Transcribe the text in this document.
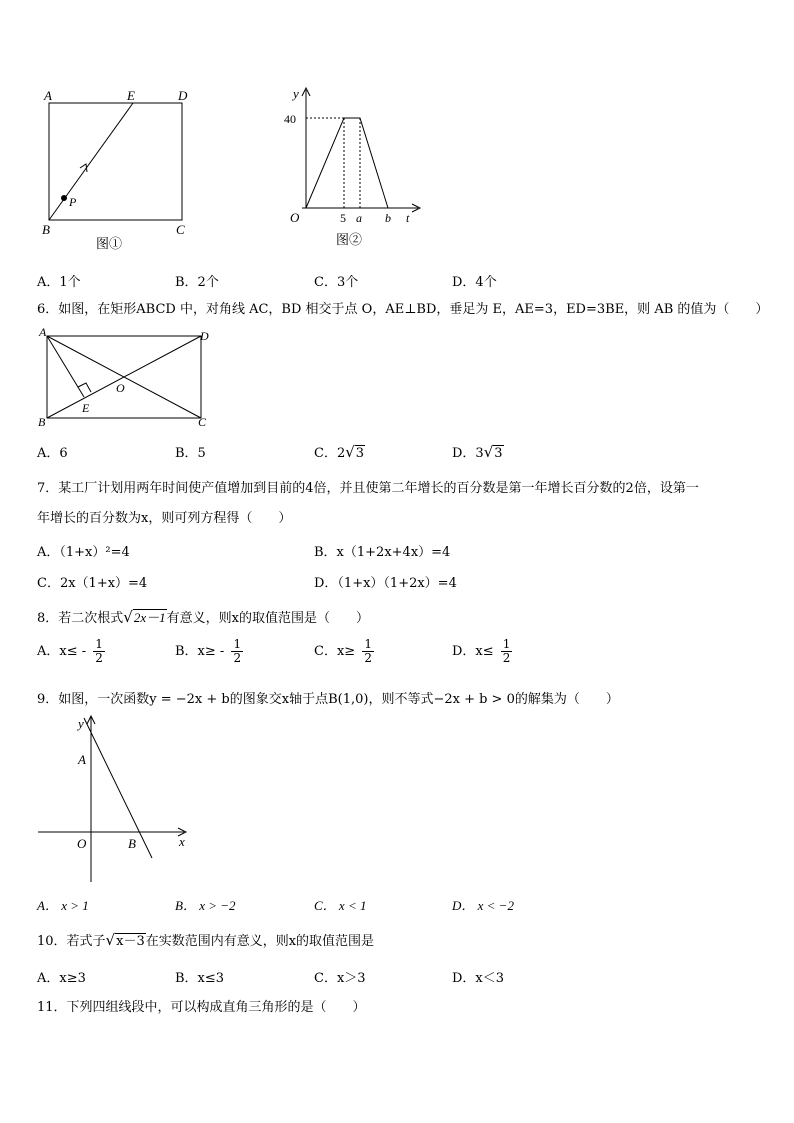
A	E	D
B	C
P
图①
y
40
O	5 a b t
图②
A．1个	B．2个	C．3个	D．4个
6．如图，在矩形ABCD 中，对角线 AC，BD 相交于点 O，AE⊥BD，垂足为 E，AE=3，ED=3BE，则 AB 的值为（　　）
A	D
O
E
B	C
A．6	B．5	C．2√3	D．3√3
7．某工厂计划用两年时间使产值增加到目前的4倍，并且使第二年增长的百分数是第一年增长百分数的2倍，设第一
年增长的百分数为x，则可列方程得（　　）
A．（1+x）²=4	B．x（1+2x+4x）=4
C．2x（1+x）=4	D．（1+x）（1+2x）=4
8．若二次根式√2x－1有意义，则x的取值范围是（　　）
A．$x\le - \frac{1}{2}$	B．$x\ge - \frac{1}{2}$	C．$x\ge \frac{1}{2}$	D．$x\le \frac{1}{2}$
9．如图，一次函数y = −2x + b的图象交x轴于点B(1,0)，则不等式−2x + b > 0的解集为（　　）
y
A
O	B	x
A． x > 1	B． x > −2	C． x < 1	D． x < −2
10．若式子√x－3在实数范围内有意义，则x的取值范围是
A．x≥3	B．x≤3	C．x＞3	D．x＜3
11．下列四组线段中，可以构成直角三角形的是（　　）
